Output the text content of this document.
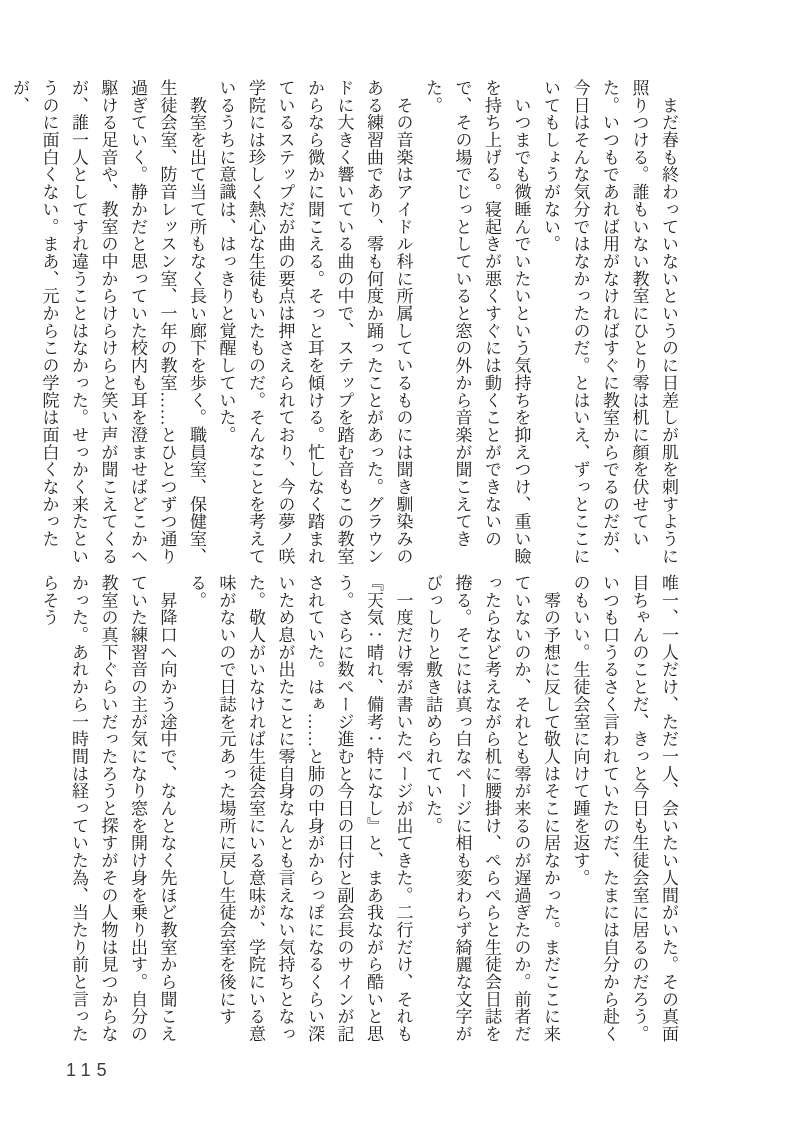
　まだ春も終わっていないというのに日差しが肌を刺すように照りつける。誰もいない教室にひとり零は机に顔を伏せていた。いつもであれば用がなければすぐに教室からでるのだが、今日はそんな気分ではなかったのだ。とはいえ、ずっとここにいてもしょうがない。

　いつまでも微睡んでいたいという気持ちを抑えつけ、重い瞼を持ち上げる。寝起きが悪くすぐには動くことができないので、その場でじっとしていると窓の外から音楽が聞こえてきた。

　その音楽はアイドル科に所属しているものには聞き馴染みのある練習曲であり、零も何度か踊ったことがあった。グラウンドに大きく響いている曲の中で、ステップを踏む音もこの教室からなら微かに聞こえる。そっと耳を傾ける。忙しなく踏まれているステップだが曲の要点は押さえられており、今の夢ノ咲学院には珍しく熱心な生徒もいたものだ。そんなことを考えているうちに意識は、はっきりと覚醒していた。

　教室を出て当て所もなく長い廊下を歩く。職員室、保健室、生徒会室、防音レッスン室、一年の教室……とひとつずつ通り過ぎていく。静かだと思っていた校内も耳を澄ませばどこかへ駆ける足音や、教室の中からけらけらと笑い声が聞こえてくるが、誰一人としてすれ違うことはなかった。せっかく来たというのに面白くない。まあ、元からこの学院は面白くなかったが、

唯一、一人だけ、ただ一人、会いたい人間がいた。その真面目ちゃんのことだ、きっと今日も生徒会室に居るのだろう。いつも口うるさく言われていたのだ、たまには自分から赴くのもいい。生徒会室に向けて踵を返す。

　零の予想に反して敬人はそこに居なかった。まだここに来ていないのか、それとも零が来るのが遅過ぎたのか。前者だったらなど考えながら机に腰掛け、ぺらぺらと生徒会日誌を捲る。そこには真っ白なページに相も変わらず綺麗な文字がびっしりと敷き詰められていた。

　一度だけ零が書いたページが出てきた。二行だけ、それも『天気：晴れ、備考：特になし』と、まあ我ながら酷いと思う。さらに数ページ進むと今日の日付と副会長のサインが記されていた。はぁ……と肺の中身がからっぽになるくらい深いため息が出たことに零自身なんとも言えない気持ちとなった。敬人がいなければ生徒会室にいる意味が、学院にいる意味がないので日誌を元あった場所に戻し生徒会室を後にする。

　昇降口へ向かう途中で、なんとなく先ほど教室から聞こえていた練習音の主が気になり窓を開け身を乗り出す。自分の教室の真下ぐらいだったろうと探すがその人物は見つからなかった。あれから一時間は経っていた為、当たり前と言ったらそう

115
